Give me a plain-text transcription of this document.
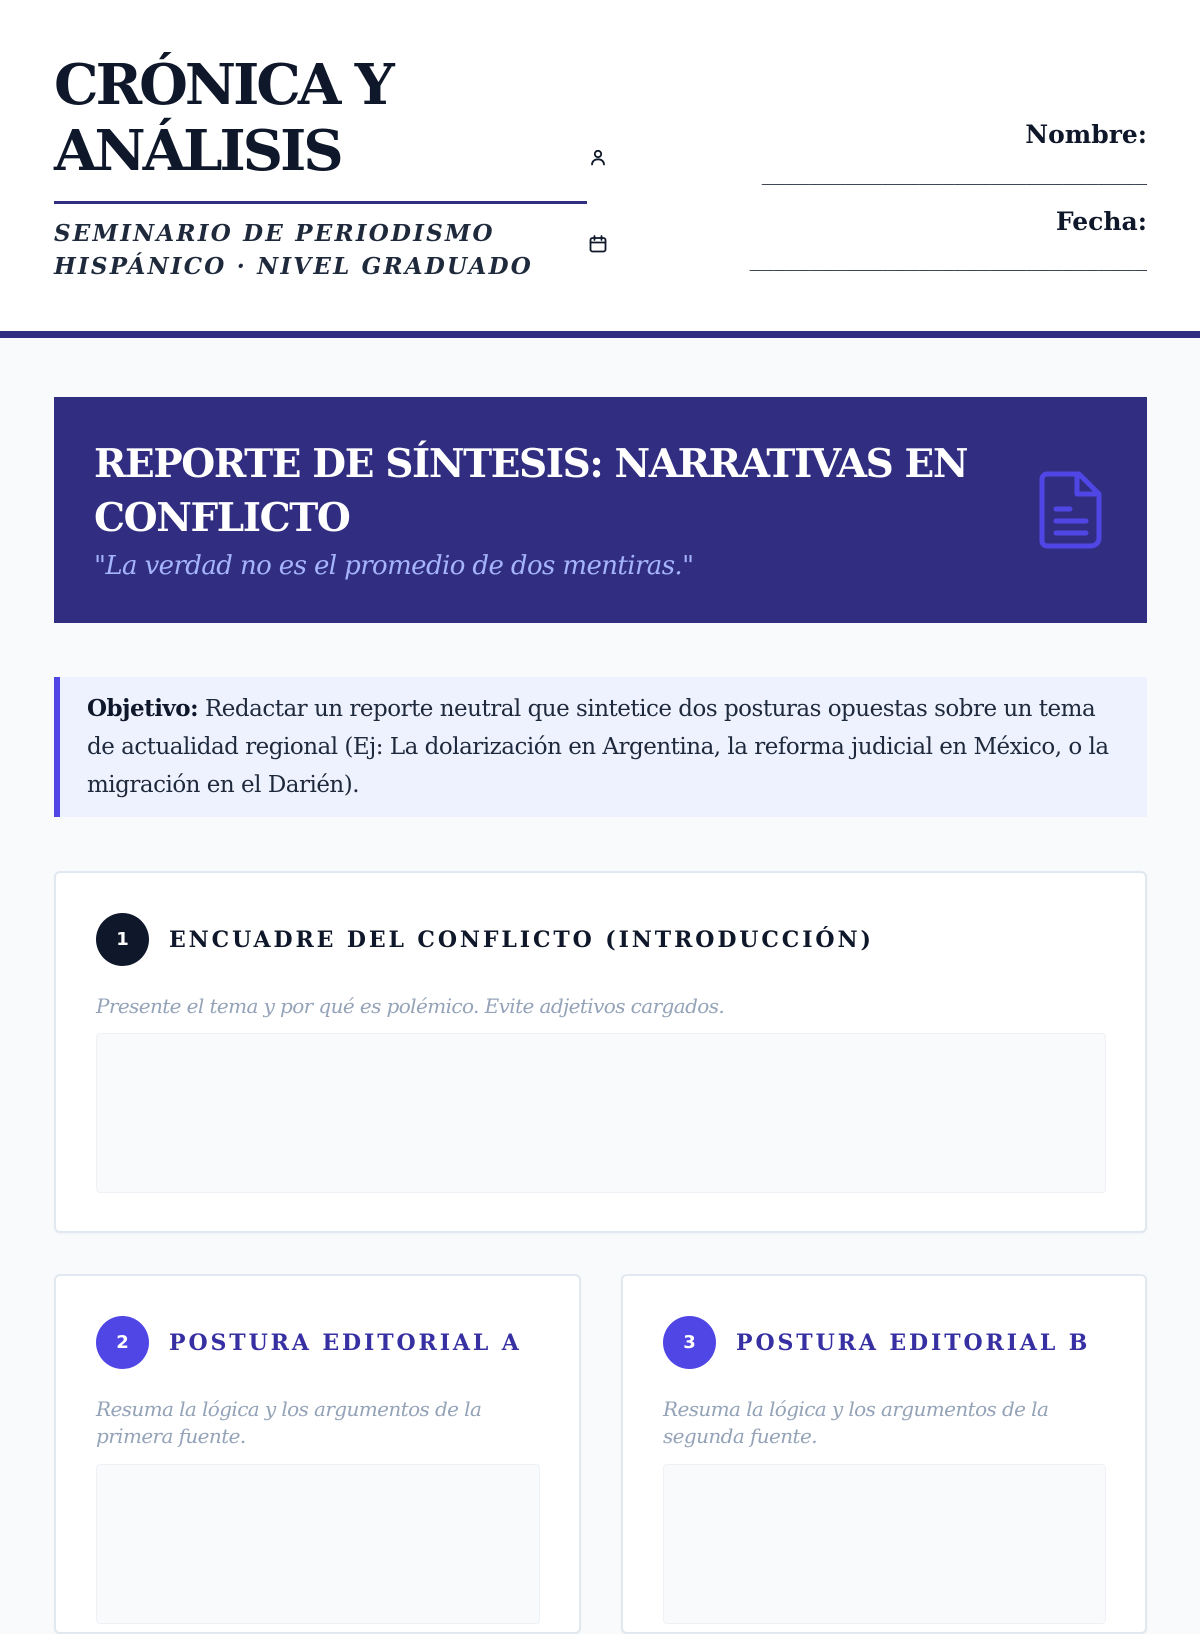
CRÓNICA Y
ANÁLISIS
SEMINARIO DE PERIODISMO
HISPÁNICO · NIVEL GRADUADO
Nombre:
________________________________
Fecha:
_________________________________
REPORTE DE SÍNTESIS: NARRATIVAS EN CONFLICTO
"La verdad no es el promedio de dos mentiras."
Objetivo: Redactar un reporte neutral que sintetice dos posturas opuestas sobre un tema de actualidad regional (Ej: La dolarización en Argentina, la reforma judicial en México, o la migración en el Darién).
1	ENCUADRE DEL CONFLICTO (INTRODUCCIÓN)
Presente el tema y por qué es polémico. Evite adjetivos cargados.
2	POSTURA EDITORIAL A
Resuma la lógica y los argumentos de la primera fuente.
3	POSTURA EDITORIAL B
Resuma la lógica y los argumentos de la segunda fuente.
